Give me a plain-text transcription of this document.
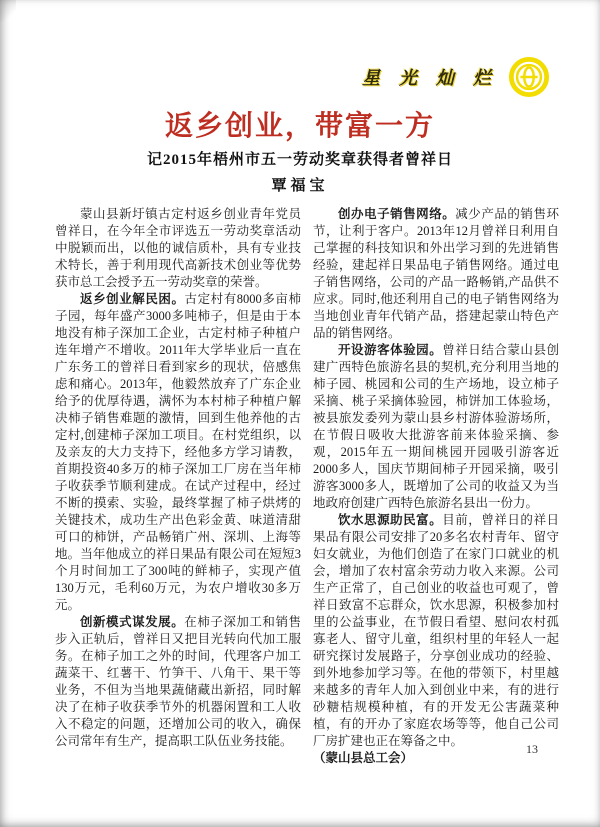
星 光 灿 烂
返乡创业，带富一方
记2015年梧州市五一劳动奖章获得者曾祥日
覃福宝

蒙山县新圩镇古定村返乡创业青年党员曾祥日，在今年全市评选五一劳动奖章活动中脱颖而出，以他的诚信质朴，具有专业技术特长，善于利用现代高新技术创业等优势获市总工会授予五一劳动奖章的荣誉。

返乡创业解民困。古定村有8000多亩柿子园，每年盛产3000多吨柿子，但是由于本地没有柿子深加工企业，古定村柿子种植户连年增产不增收。2011年大学毕业后一直在广东务工的曾祥日看到家乡的现状，倍感焦虑和痛心。2013年，他毅然放弃了广东企业给予的优厚待遇，满怀为本村柿子种植户解决柿子销售难题的激情，回到生他养他的古定村,创建柿子深加工项目。在村党组织，以及亲友的大力支持下，经他多方学习请教，首期投资40多万的柿子深加工厂房在当年柿子收获季节顺利建成。在试产过程中，经过不断的摸索、实验，最终掌握了柿子烘烤的关键技术，成功生产出色彩金黄、味道清甜可口的柿饼，产品畅销广州、深圳、上海等地。当年他成立的祥日果品有限公司在短短3个月时间加工了300吨的鲜柿子，实现产值130万元，毛利60万元，为农户增收30多万元。

创新模式谋发展。在柿子深加工和销售步入正轨后，曾祥日又把目光转向代加工服务。在柿子加工之外的时间，代理客户加工蔬菜干、红薯干、竹笋干、八角干、果干等业务，不但为当地果蔬储藏出新招，同时解决了在柿子收获季节外的机器闲置和工人收入不稳定的问题，还增加公司的收入，确保公司常年有生产，提高职工队伍业务技能。

创办电子销售网络。减少产品的销售环节，让利于客户。2013年12月曾祥日利用自己掌握的科技知识和外出学习到的先进销售经验，建起祥日果品电子销售网络。通过电子销售网络，公司的产品一路畅销,产品供不应求。同时,他还利用自己的电子销售网络为当地创业青年代销产品，搭建起蒙山特色产品的销售网络。

开设游客体验园。曾祥日结合蒙山县创建广西特色旅游名县的契机,充分利用当地的柿子园、桃园和公司的生产场地，设立柿子采摘、桃子采摘体验园，柿饼加工体验场，被县旅发委列为蒙山县乡村游体验游场所，在节假日吸收大批游客前来体验采摘、参观，2015年五一期间桃园开园吸引游客近2000多人，国庆节期间柿子开园采摘，吸引游客3000多人，既增加了公司的收益又为当地政府创建广西特色旅游名县出一份力。

饮水思源助民富。目前，曾祥日的祥日果品有限公司安排了20多名农村青年、留守妇女就业，为他们创造了在家门口就业的机会，增加了农村富余劳动力收入来源。公司生产正常了，自己创业的收益也可观了，曾祥日致富不忘群众，饮水思源，积极参加村里的公益事业，在节假日看望、慰问农村孤寡老人、留守儿童，组织村里的年轻人一起研究探讨发展路子，分享创业成功的经验、到外地参加学习等。在他的带领下，村里越来越多的青年人加入到创业中来，有的进行砂糖桔规模种植，有的开发无公害蔬菜种植，有的开办了家庭农场等等，他自己公司厂房扩建也正在筹备之中。

（蒙山县总工会）

13
